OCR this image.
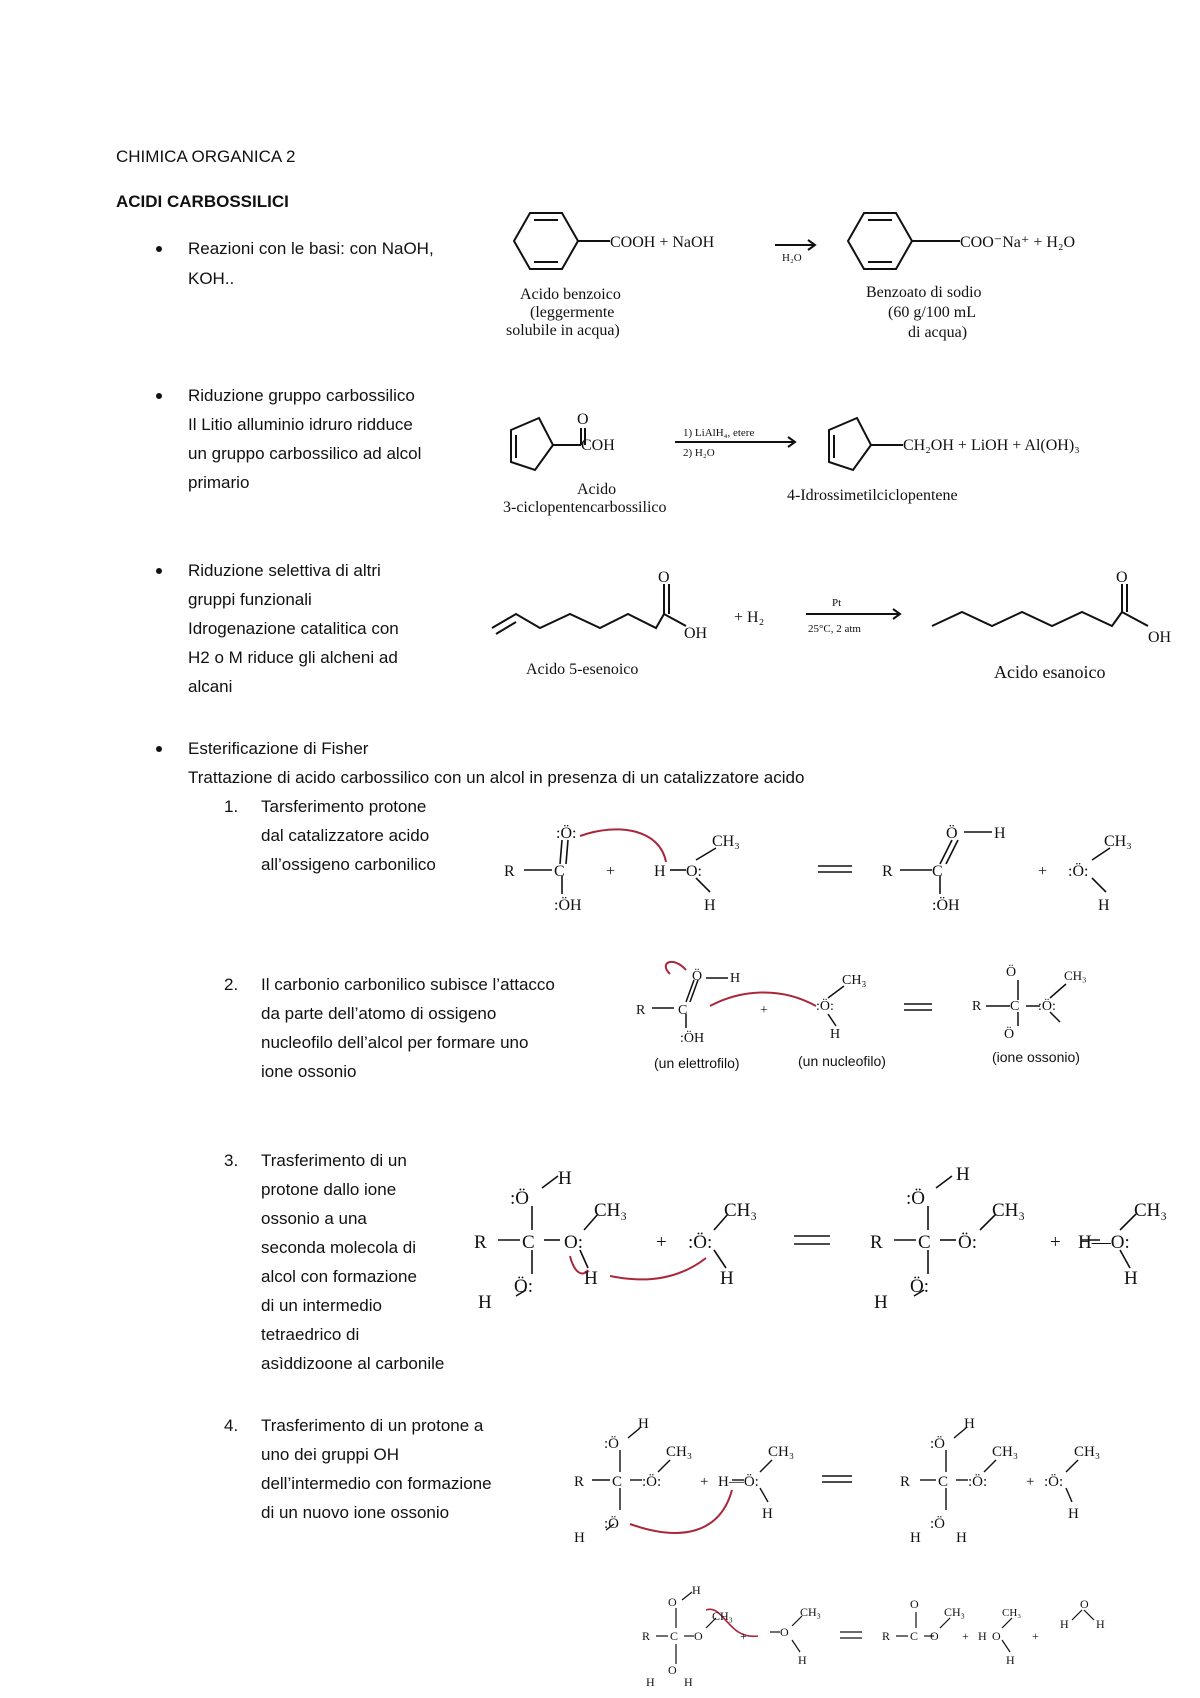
CHIMICA ORGANICA 2
ACIDI CARBOSSILICI
Reazioni con le basi: con NaOH,
KOH..
Riduzione gruppo carbossilico
Il Litio alluminio idruro ridduce
un gruppo carbossilico ad alcol
primario
Riduzione selettiva di altri
gruppi funzionali
Idrogenazione catalitica con
H2 o M riduce gli alcheni ad
alcani
Esterificazione di Fisher
Trattazione di acido carbossilico con un alcol in presenza di un catalizzatore acido
1. Tarsferimento protone
dal catalizzatore acido
all’ossigeno carbonilico
2. Il carbonio carbonilico subisce l’attacco
da parte dell’atomo di ossigeno
nucleofilo dell’alcol per formare uno
ione ossonio
3. Trasferimento di un
protone dallo ione
ossonio a una
seconda molecola di
alcol con formazione
di un intermedio
tetraedrico di
asìddizoone al carbonile
4. Trasferimento di un protone a
uno dei gruppi OH
dell’intermedio con formazione
di un nuovo ione ossonio
COOH + NaOH
H₂O
COO⁻Na⁺ + H₂O
Acido benzoico
(leggermente
solubile in acqua)
Benzoato di sodio
(60 g/100 mL
di acqua)
O
COH
1) LiAlH₄, etere
2) H₂O	CH₂OH + LiOH + Al(OH)₃
Acido
3-ciclopentencarbossilico
4-Idrossimetilciclopentene
O
OH
+ H₂
Pt
25°C, 2 atm
O
OH
Acido 5-esenoico	Acido esanoico
R C
:Ö:
:ÖH
+ H O:
CH₃
H
R C
Ö H
:ÖH
+ :Ö:
CH₃
H
R C
Ö H
:ÖH
+	:Ö:
CH₃
H
R C
Ö
:Ö:
CH₃
Ö
(un elettrofilo)	(un nucleofilo)	(ione ossonio)
R C
:Ö
H
O:
CH₃
H
Ö:
H
+ :Ö:
CH₃
H
R C
:Ö
H
Ö:
CH₃
Ö:
H
+ H—O:
CH₃
H
R C
:Ö
H
:Ö:
CH₃
:Ö
H
+ H—Ö:
CH₃
H
R C
:Ö
H
:Ö:
CH₃
:Ö
H H
+ :Ö:
CH₃
H
R C
O
H
CH₃
O
O
H H
+	O
CH₃
H
R C
O
O
CH₃
+ H O
CH₃
H
+
H
O
H
